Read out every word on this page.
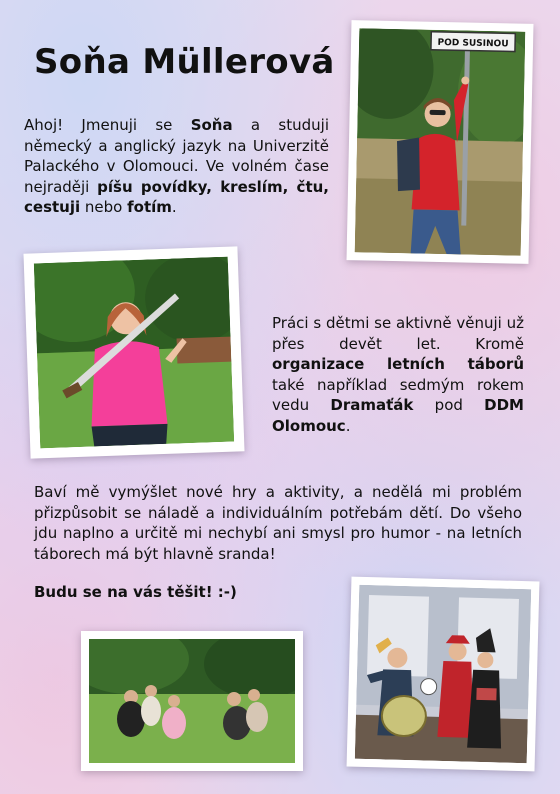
Soňa Müllerová

Ahoj! Jmenuji se Soňa a studuji německý a anglický jazyk na Univerzitě Palackého v Olomouci. Ve volném čase nejraději píšu povídky, kreslím, čtu, cestuji nebo fotím.

Práci s dětmi se aktivně věnuji už přes devět let. Kromě organizace letních táborů také například sedmým rokem vedu Dramaťák pod DDM Olomouc.

Baví mě vymýšlet nové hry a aktivity, a nedělá mi problém přizpůsobit se náladě a individuálním potřebám dětí. Do všeho jdu naplno a určitě mi nechybí ani smysl pro humor - na letních táborech má být hlavně sranda!

Budu se na vás těšit! :-)

POD SUSINOU
